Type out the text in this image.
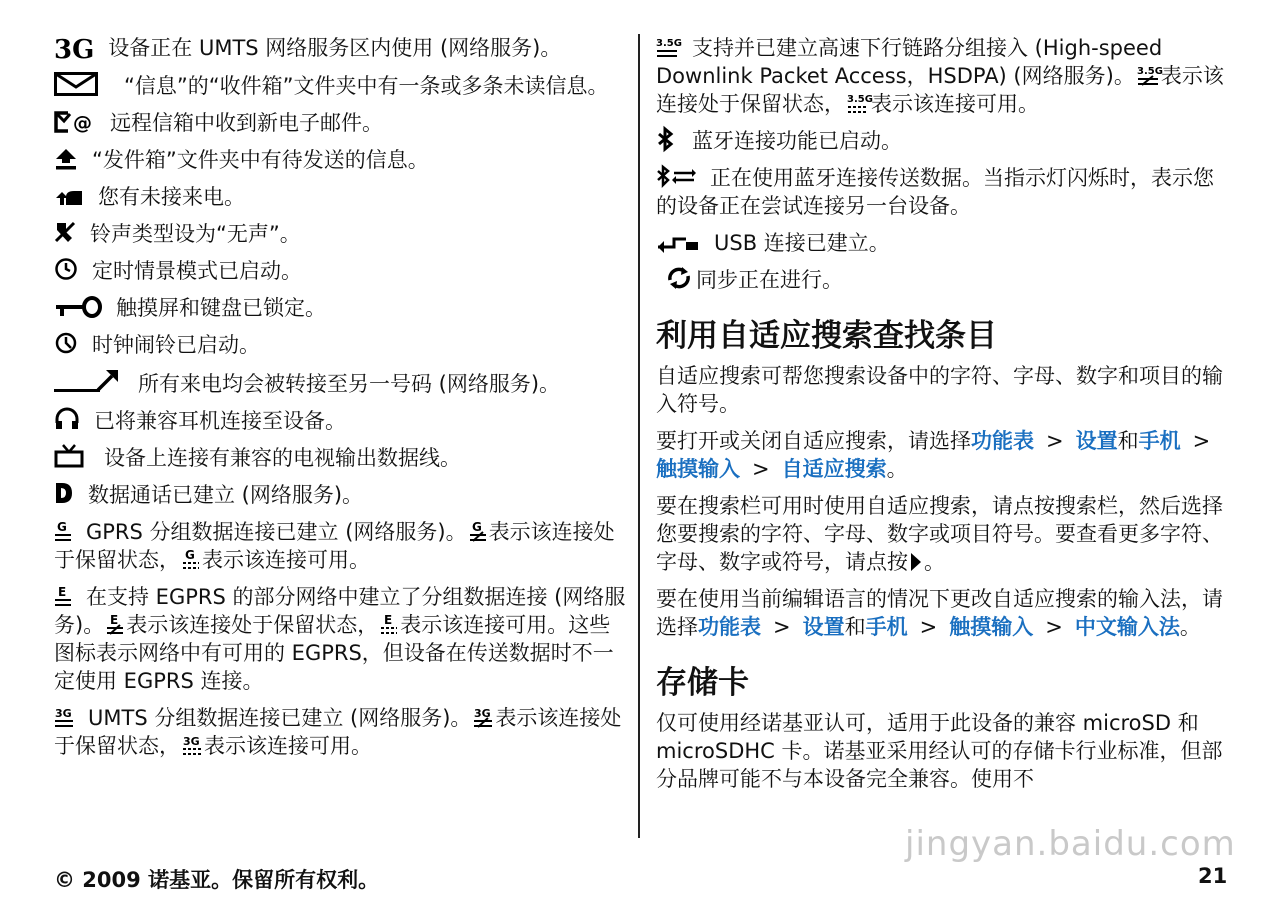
3G 设备正在 UMTS 网络服务区内使用 (网络服务)。
“信息”的“收件箱”文件夹中有一条或多条未读信息。
@ 远程信箱中收到新电子邮件。
“发件箱”文件夹中有待发送的信息。
您有未接来电。
铃声类型设为“无声”。
定时情景模式已启动。
触摸屏和键盘已锁定。
时钟闹铃已启动。
所有来电均会被转接至另一号码 (网络服务)。
已将兼容耳机连接至设备。
设备上连接有兼容的电视输出数据线。
数据通话已建立 (网络服务)。
G GPRS 分组数据连接已建立 (网络服务)。 G 表示该连接处于保留状态， G 表示该连接可用。
E 在支持 EGPRS 的部分网络中建立了分组数据连接 (网络服务)。 E 表示该连接处于保留状态， E 表示该连接可用。这些图标表示网络中有可用的 EGPRS，但设备在传送数据时不一定使用 EGPRS 连接。
3G UMTS 分组数据连接已建立 (网络服务)。 3G 表示该连接处于保留状态， 3G 表示该连接可用。
3.5G 支持并已建立高速下行链路分组接入 (High-speed Downlink Packet Access，HSDPA) (网络服务)。 3.5G
表示该连接处于保留状态， 3.5G
表示该连接可用。
蓝牙连接功能已启动。
正在使用蓝牙连接传送数据。当指示灯闪烁时，表示您的设备正在尝试连接另一台设备。
USB 连接已建立。
同步正在进行。
利用自适应搜索查找条目
自适应搜索可帮您搜索设备中的字符、字母、数字和项目的输入符号。
要打开或关闭自适应搜索，请选择功能表 > 设置和手机 >触摸输入 > 自适应搜索。
要在搜索栏可用时使用自适应搜索，请点按搜索栏，然后选择您要搜索的字符、字母、数字或项目符号。要查看更多字符、字母、数字或符号，请点按 。
要在使用当前编辑语言的情况下更改自适应搜索的输入法，请选择功能表 > 设置和手机 > 触摸输入 > 中文输入法。
存储卡
仅可使用经诺基亚认可，适用于此设备的兼容 microSD 和 microSDHC 卡。诺基亚采用经认可的存储卡行业标准，但部分品牌可能不与本设备完全兼容。使用不
jingyan.baidu.com
© 2009 诺基亚。保留所有权利。	21
